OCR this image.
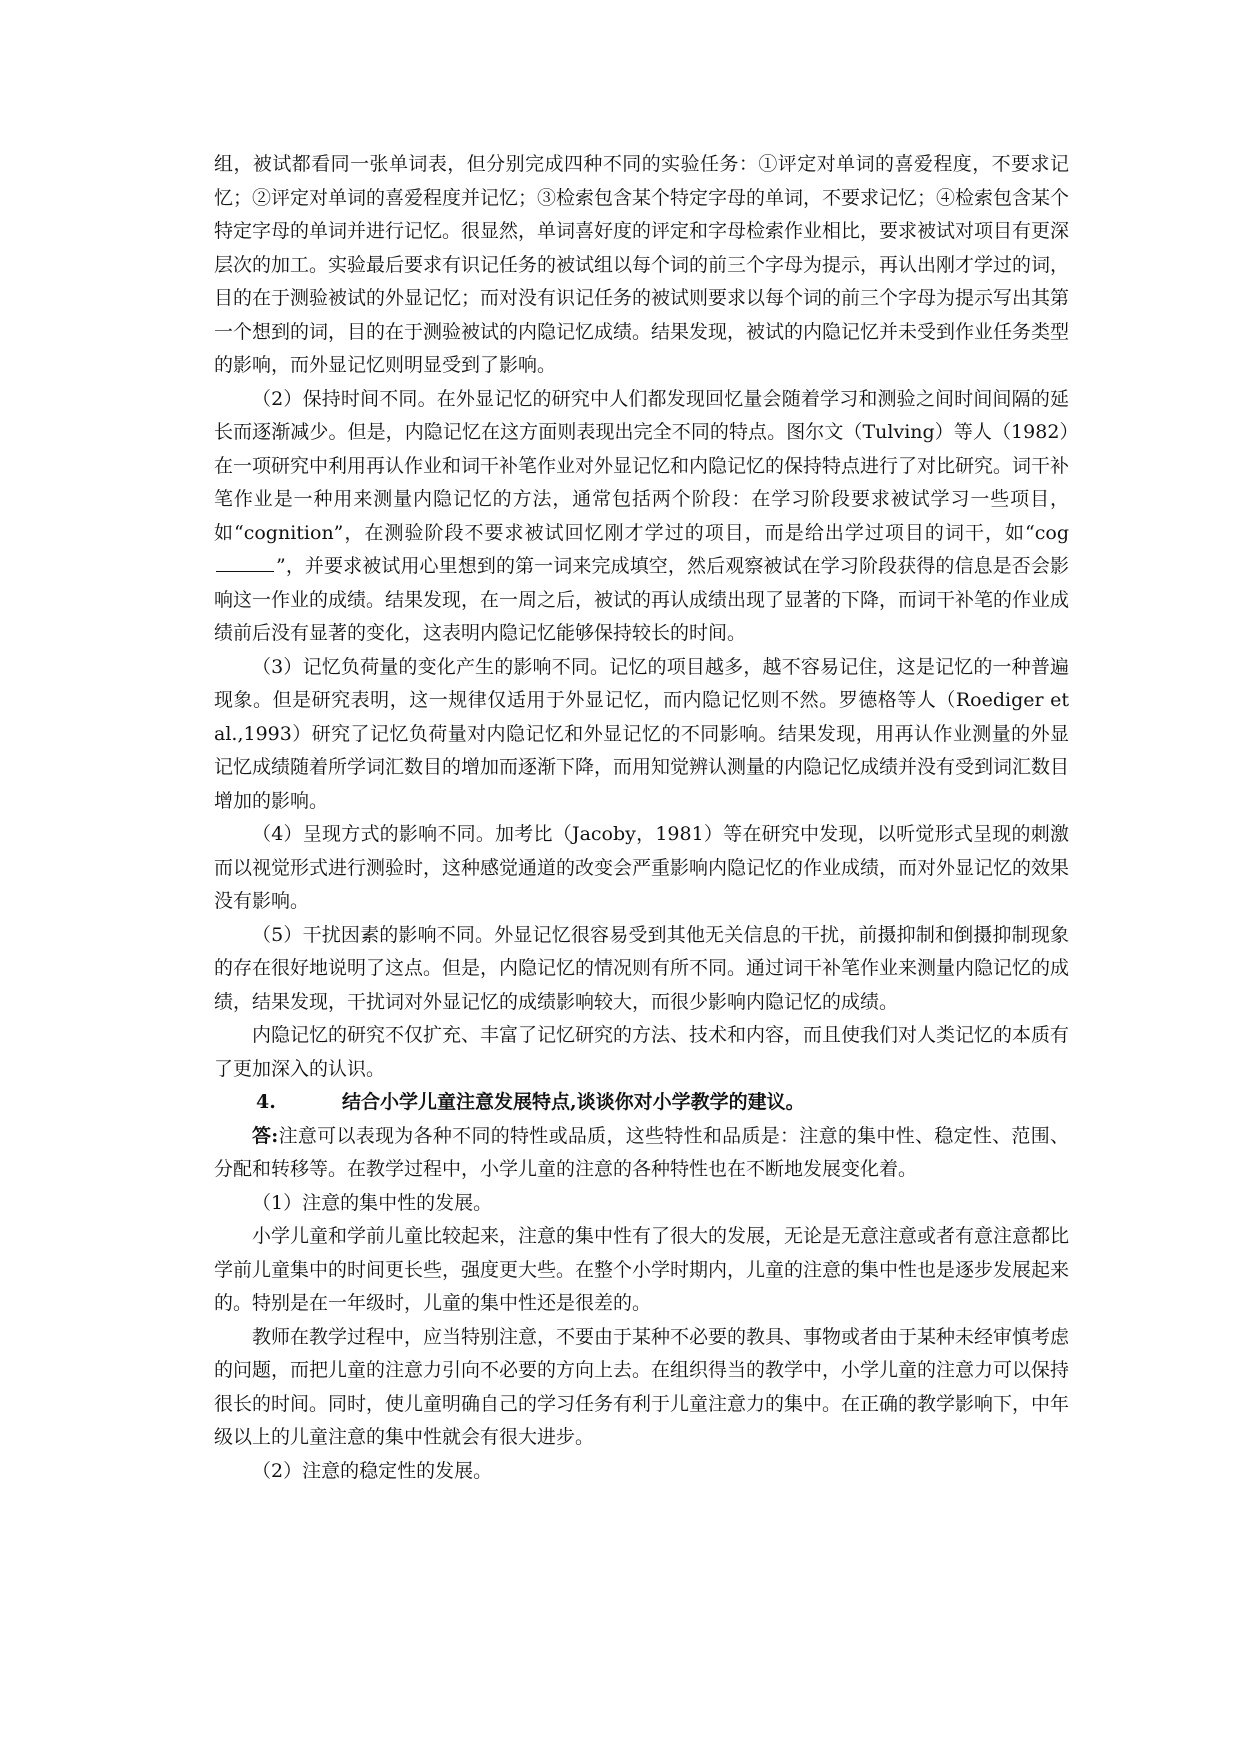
组，被试都看同一张单词表，但分别完成四种不同的实验任务：①评定对单词的喜爱程度，不要求记忆；②评定对单词的喜爱程度并记忆；③检索包含某个特定字母的单词，不要求记忆；④检索包含某个特定字母的单词并进行记忆。很显然，单词喜好度的评定和字母检索作业相比，要求被试对项目有更深层次的加工。实验最后要求有识记任务的被试组以每个词的前三个字母为提示，再认出刚才学过的词，目的在于测验被试的外显记忆；而对没有识记任务的被试则要求以每个词的前三个字母为提示写出其第一个想到的词，目的在于测验被试的内隐记忆成绩。结果发现，被试的内隐记忆并未受到作业任务类型的影响，而外显记忆则明显受到了影响。

（2）保持时间不同。在外显记忆的研究中人们都发现回忆量会随着学习和测验之间时间间隔的延长而逐渐减少。但是，内隐记忆在这方面则表现出完全不同的特点。图尔文（Tulving）等人（1982）在一项研究中利用再认作业和词干补笔作业对外显记忆和内隐记忆的保持特点进行了对比研究。词干补笔作业是一种用来测量内隐记忆的方法，通常包括两个阶段：在学习阶段要求被试学习一些项目，如“cognition”，在测验阶段不要求被试回忆刚才学过的项目，而是给出学过项目的词干，如“cog”，并要求被试用心里想到的第一词来完成填空，然后观察被试在学习阶段获得的信息是否会影响这一作业的成绩。结果发现，在一周之后，被试的再认成绩出现了显著的下降，而词干补笔的作业成绩前后没有显著的变化，这表明内隐记忆能够保持较长的时间。

（3）记忆负荷量的变化产生的影响不同。记忆的项目越多，越不容易记住，这是记忆的一种普遍现象。但是研究表明，这一规律仅适用于外显记忆，而内隐记忆则不然。罗德格等人（Roediger et al.,1993）研究了记忆负荷量对内隐记忆和外显记忆的不同影响。结果发现，用再认作业测量的外显记忆成绩随着所学词汇数目的增加而逐渐下降，而用知觉辨认测量的内隐记忆成绩并没有受到词汇数目增加的影响。

（4）呈现方式的影响不同。加考比（Jacoby，1981）等在研究中发现，以听觉形式呈现的刺激而以视觉形式进行测验时，这种感觉通道的改变会严重影响内隐记忆的作业成绩，而对外显记忆的效果没有影响。

（5）干扰因素的影响不同。外显记忆很容易受到其他无关信息的干扰，前摄抑制和倒摄抑制现象的存在很好地说明了这点。但是，内隐记忆的情况则有所不同。通过词干补笔作业来测量内隐记忆的成绩，结果发现，干扰词对外显记忆的成绩影响较大，而很少影响内隐记忆的成绩。

内隐记忆的研究不仅扩充、丰富了记忆研究的方法、技术和内容，而且使我们对人类记忆的本质有了更加深入的认识。

4.	结合小学儿童注意发展特点,谈谈你对小学教学的建议。

答:注意可以表现为各种不同的特性或品质，这些特性和品质是：注意的集中性、稳定性、范围、分配和转移等。在教学过程中，小学儿童的注意的各种特性也在不断地发展变化着。

（1）注意的集中性的发展。

小学儿童和学前儿童比较起来，注意的集中性有了很大的发展，无论是无意注意或者有意注意都比学前儿童集中的时间更长些，强度更大些。在整个小学时期内，儿童的注意的集中性也是逐步发展起来的。特别是在一年级时，儿童的集中性还是很差的。

教师在教学过程中，应当特别注意，不要由于某种不必要的教具、事物或者由于某种未经审慎考虑的问题，而把儿童的注意力引向不必要的方向上去。在组织得当的教学中，小学儿童的注意力可以保持很长的时间。同时，使儿童明确自己的学习任务有利于儿童注意力的集中。在正确的教学影响下，中年级以上的儿童注意的集中性就会有很大进步。

（2）注意的稳定性的发展。
